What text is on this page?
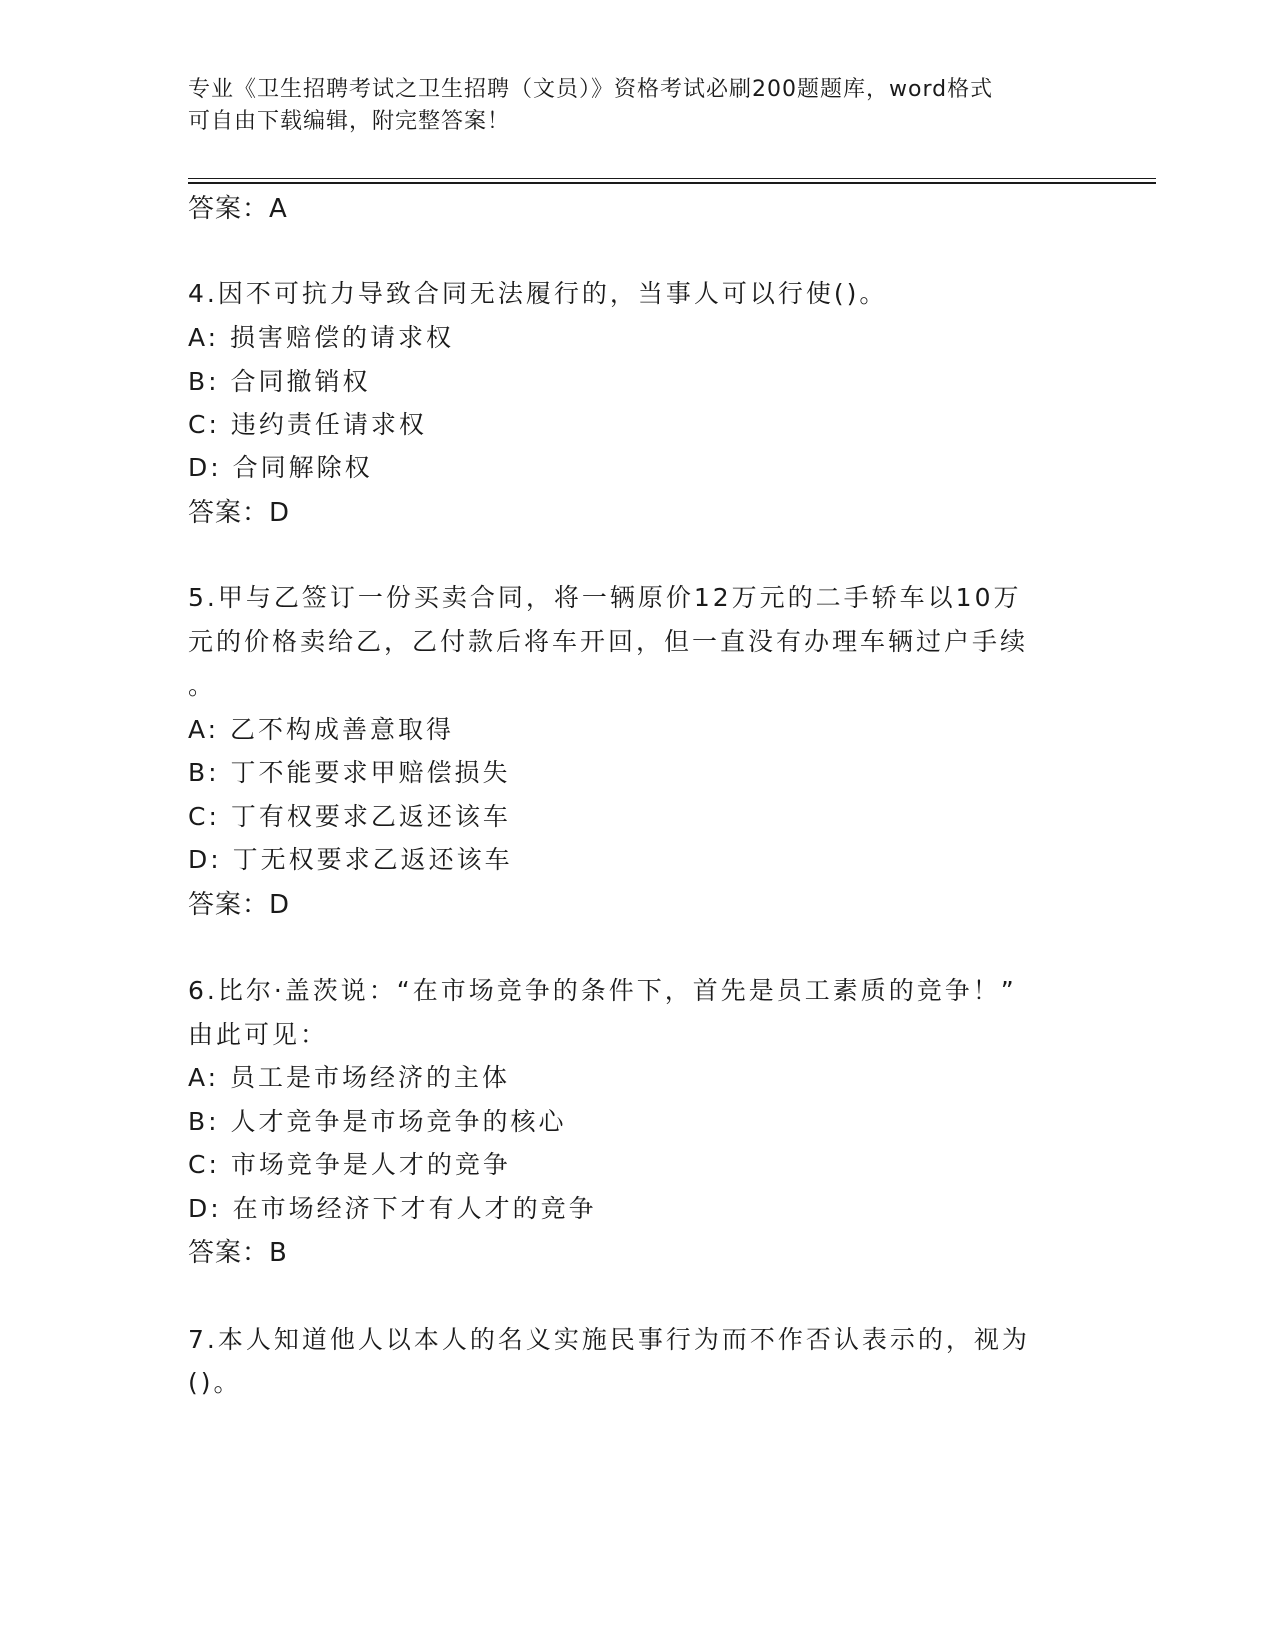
专业《卫生招聘考试之卫生招聘（文员）》资格考试必刷200题题库，word格式
可自由下载编辑，附完整答案！
答案：A
4.因不可抗力导致合同无法履行的，当事人可以行使()。
A: 损害赔偿的请求权
B: 合同撤销权
C: 违约责任请求权
D: 合同解除权
答案：D
5.甲与乙签订一份买卖合同，将一辆原价12万元的二手轿车以10万
元的价格卖给乙，乙付款后将车开回，但一直没有办理车辆过户手续
。
A: 乙不构成善意取得
B: 丁不能要求甲赔偿损失
C: 丁有权要求乙返还该车
D: 丁无权要求乙返还该车
答案：D
6.比尔·盖茨说：“在市场竞争的条件下，首先是员工素质的竞争！”
由此可见：
A: 员工是市场经济的主体
B: 人才竞争是市场竞争的核心
C: 市场竞争是人才的竞争
D: 在市场经济下才有人才的竞争
答案：B
7.本人知道他人以本人的名义实施民事行为而不作否认表示的，视为
()。
